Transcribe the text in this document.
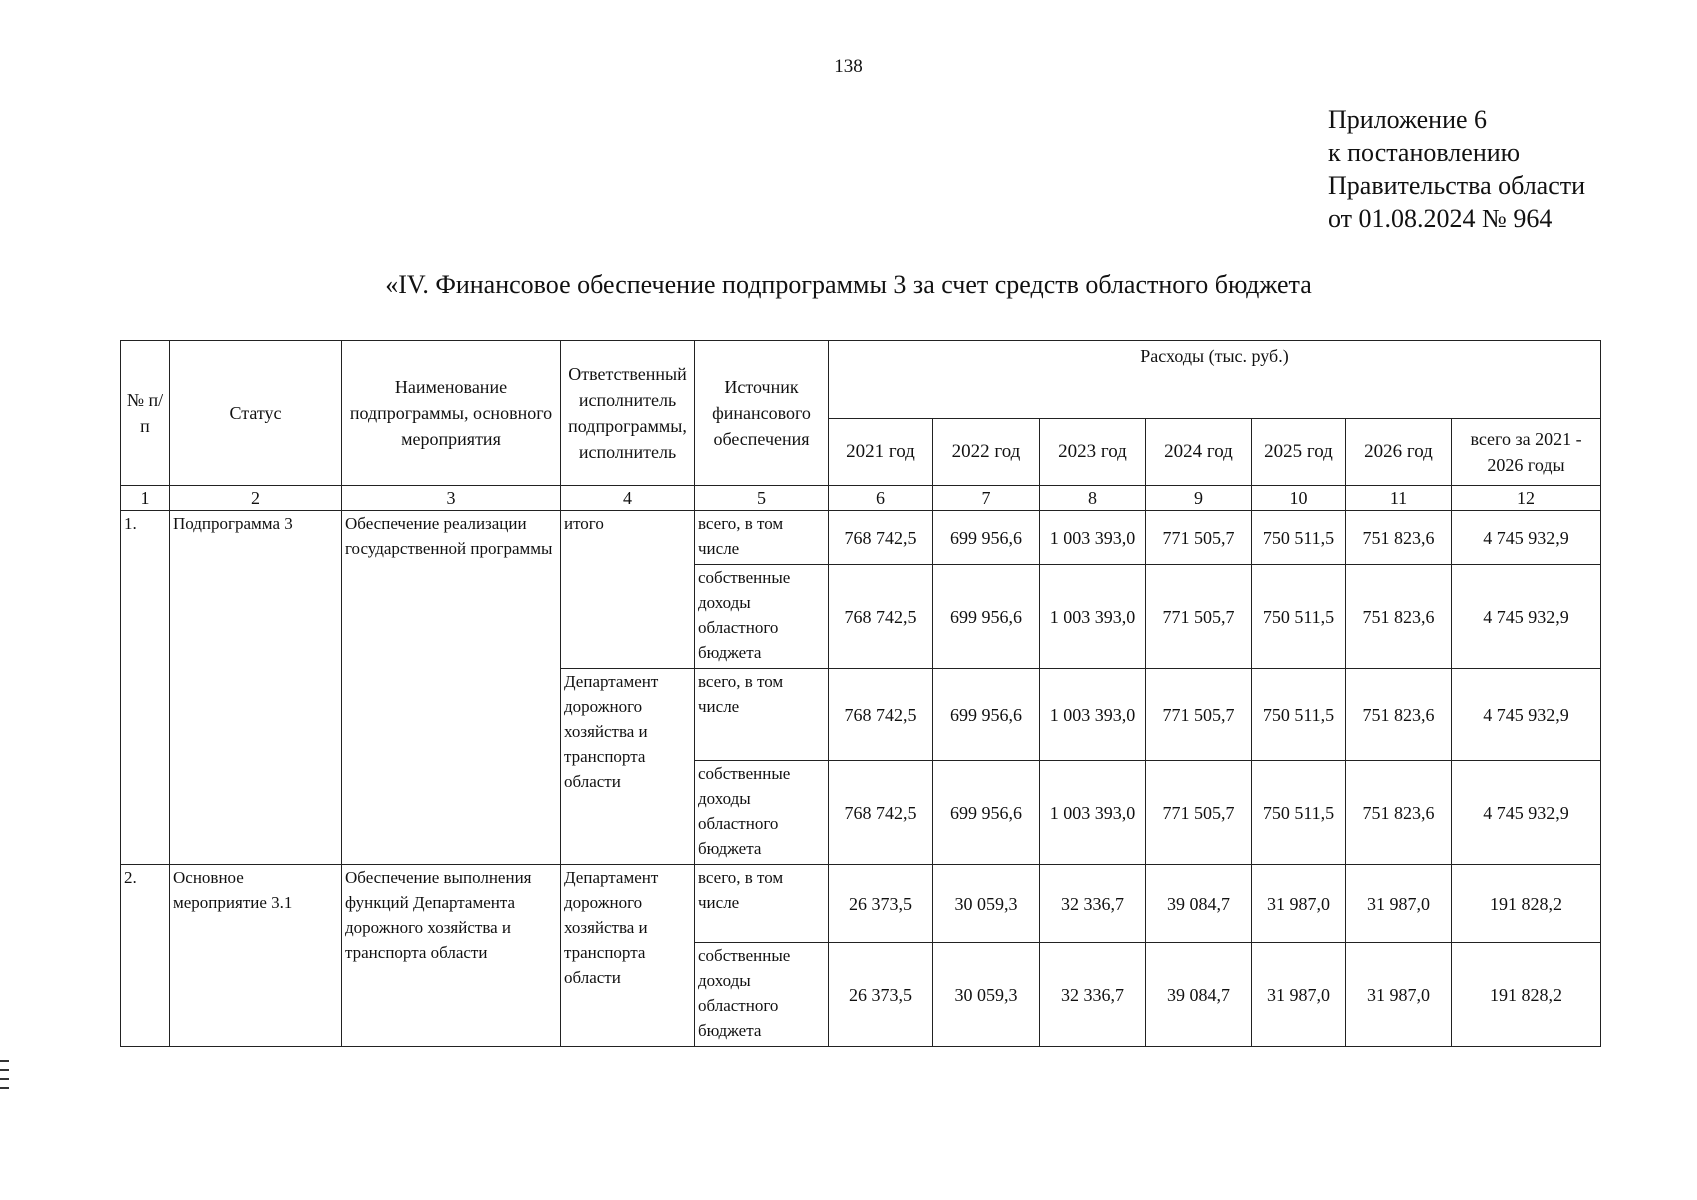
138
Приложение 6
к постановлению
Правительства области
от 01.08.2024 № 964
«IV. Финансовое обеспечение подпрограммы 3 за счет средств областного бюджета
№ п/п	Статус	Наименование подпрограммы, основного мероприятия	Ответственный исполнитель подпрограммы, исполнитель	Источник финансового обеспечения	Расходы (тыс. руб.)						
					2021 год	2022 год	2023 год	2024 год	2025 год	2026 год	всего за 2021 - 2026 годы
1	2	3	4	5	6	7	8	9	10	11	12
1.	Подпрограмма 3	Обеспечение реализации государственной программы	итого	всего, в том числе	768 742,5	699 956,6	1 003 393,0	771 505,7	750 511,5	751 823,6	4 745 932,9
				собственные доходы областного бюджета	768 742,5	699 956,6	1 003 393,0	771 505,7	750 511,5	751 823,6	4 745 932,9
			Департамент дорожного хозяйства и транспорта области	всего, в том числе	768 742,5	699 956,6	1 003 393,0	771 505,7	750 511,5	751 823,6	4 745 932,9
				собственные доходы областного бюджета	768 742,5	699 956,6	1 003 393,0	771 505,7	750 511,5	751 823,6	4 745 932,9
2.	Основное мероприятие 3.1	Обеспечение выполнения функций Департамента дорожного хозяйства и транспорта области	Департамент дорожного хозяйства и транспорта области	всего, в том числе	26 373,5	30 059,3	32 336,7	39 084,7	31 987,0	31 987,0	191 828,2
				собственные доходы областного бюджета	26 373,5	30 059,3	32 336,7	39 084,7	31 987,0	31 987,0	191 828,2
